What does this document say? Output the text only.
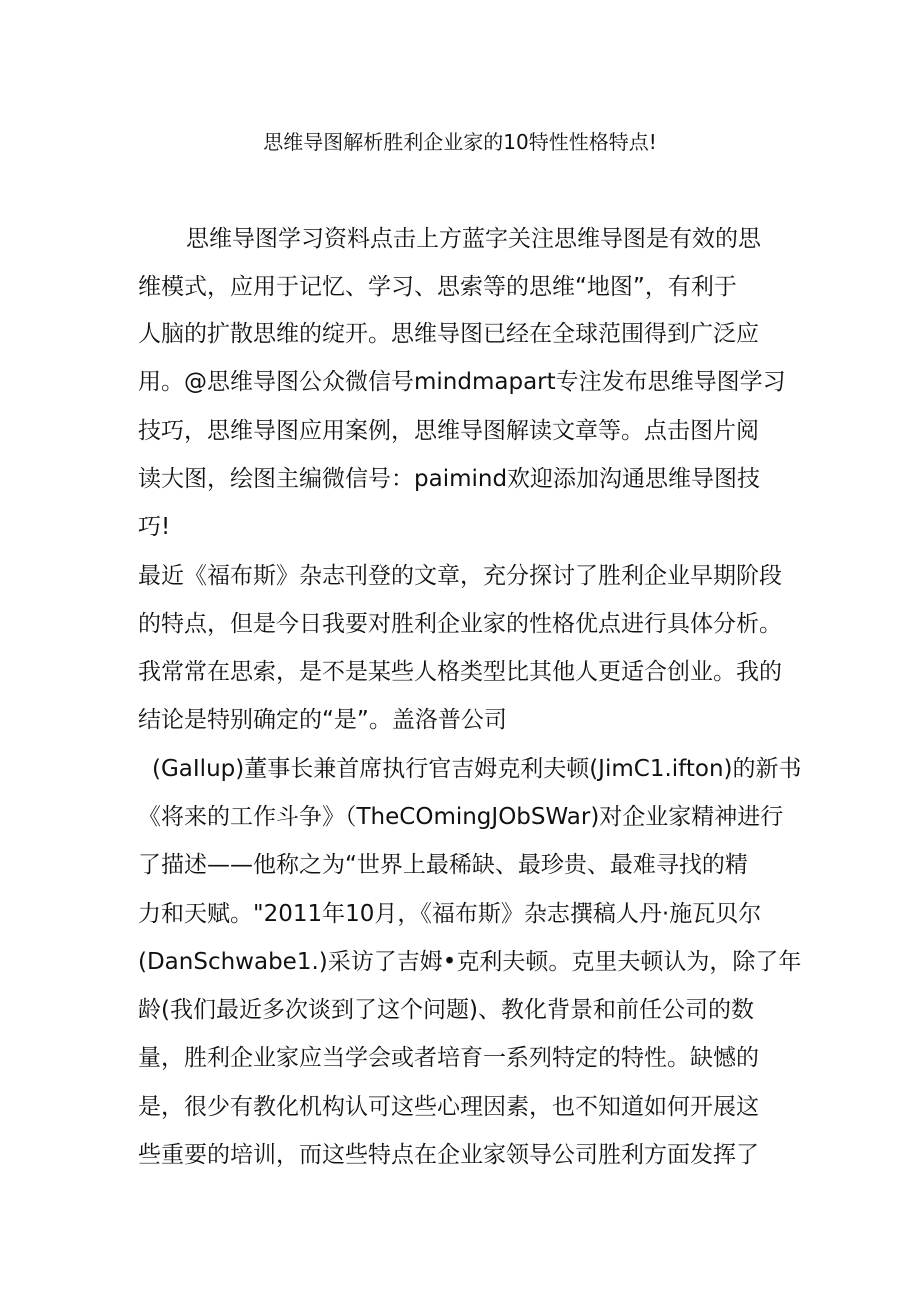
思维导图解析胜利企业家的10特性性格特点!
思维导图学习资料点击上方蓝字关注思维导图是有效的思
维模式，应用于记忆、学习、思索等的思维“地图”，有利于
人脑的扩散思维的绽开。思维导图已经在全球范围得到广泛应
用。@思维导图公众微信号mindmapart专注发布思维导图学习
技巧，思维导图应用案例，思维导图解读文章等。点击图片阅
读大图，绘图主编微信号：paimind欢迎添加沟通思维导图技
巧!
最近《福布斯》杂志刊登的文章，充分探讨了胜利企业早期阶段
的特点，但是今日我要对胜利企业家的性格优点进行具体分析。
我常常在思索，是不是某些人格类型比其他人更适合创业。我的
结论是特别确定的“是”。盖洛普公司
(GaIlup)董事长兼首席执行官吉姆克利夫顿(JimC1.ifton)的新书
《将来的工作斗争》（TheCOmingJObSWar)对企业家精神进行
了描述——他称之为“世界上最稀缺、最珍贵、最难寻找的精
力和天赋。"2011年10月，《福布斯》杂志撰稿人丹·施瓦贝尔
(DanSchwabe1.)采访了吉姆•克利夫顿。克里夫顿认为，除了年
龄(我们最近多次谈到了这个问题)、教化背景和前任公司的数
量，胜利企业家应当学会或者培育一系列特定的特性。缺憾的
是，很少有教化机构认可这些心理因素，也不知道如何开展这
些重要的培训，而这些特点在企业家领导公司胜利方面发挥了
